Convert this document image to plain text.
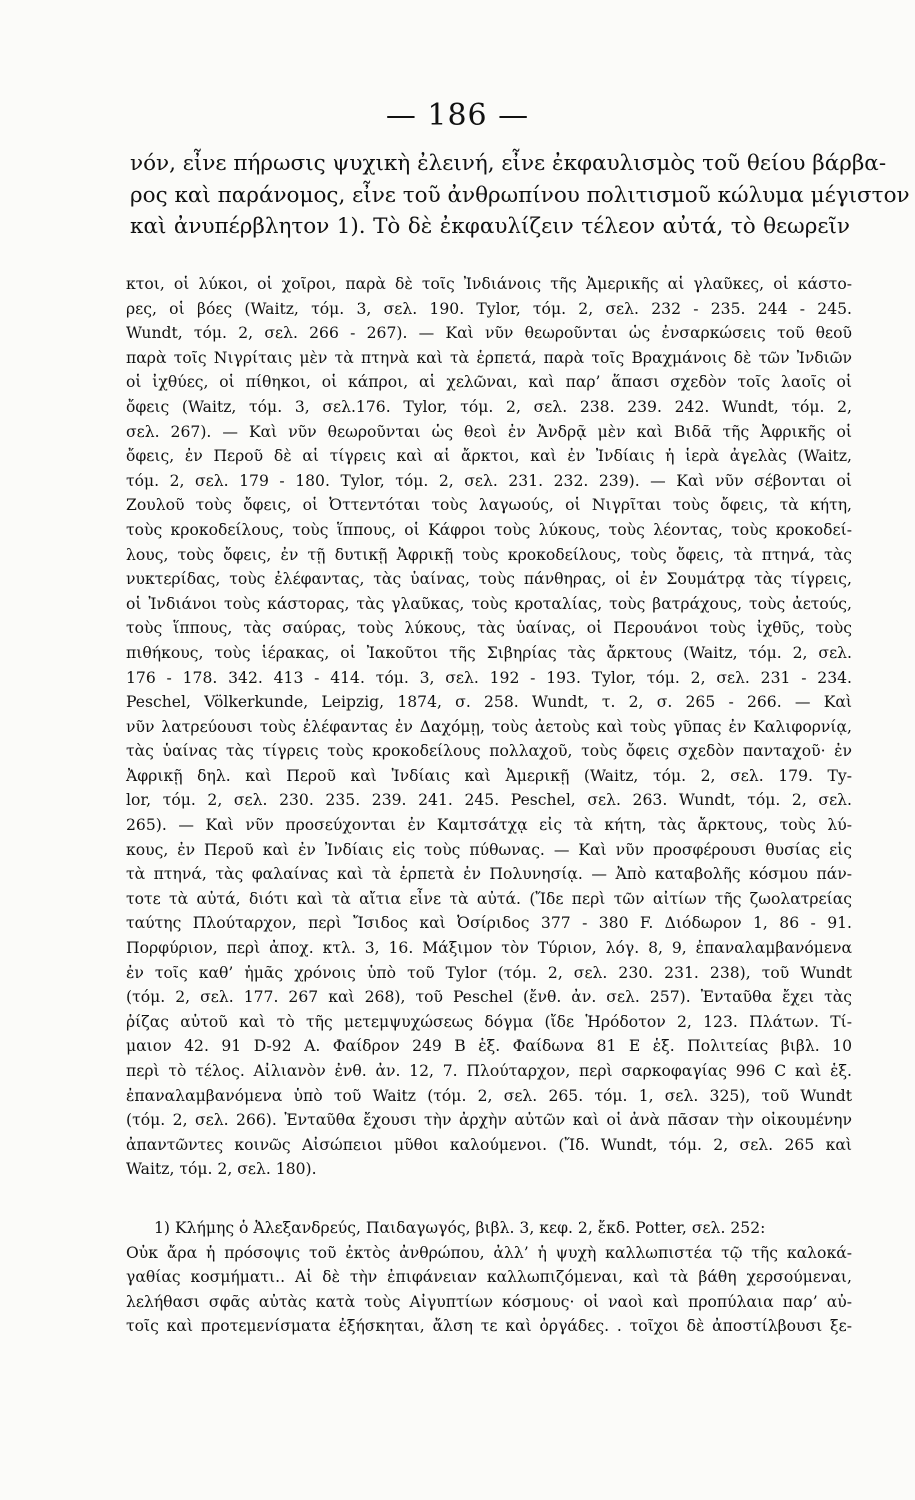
— 186 —
νόν, εἶνε πήρωσις ψυχικὴ ἐλεινή, εἶνε ἐκφαυλισμὸς τοῦ θείου βάρβα-
ρος καὶ παράνομος, εἶνε τοῦ ἀνθρωπίνου πολιτισμοῦ κώλυμα μέγιστον
καὶ ἀνυπέρβλητον 1). Τὸ δὲ ἐκφαυλίζειν τέλεον αὐτά, τὸ θεωρεῖν
κτοι, οἱ λύκοι, οἱ χοῖροι, παρὰ δὲ τοῖς Ἰνδιάνοις τῆς Ἀμερικῆς αἱ γλαῦκες, οἱ κάστο-
ρες, οἱ βόες (Waitz, τόμ. 3, σελ. 190. Tylor, τόμ. 2, σελ. 232 - 235. 244 - 245.
Wundt, τόμ. 2, σελ. 266 - 267). — Καὶ νῦν θεωροῦνται ὡς ἐνσαρκώσεις τοῦ θεοῦ
παρὰ τοῖς Νιγρίταις μὲν τὰ πτηνὰ καὶ τὰ ἑρπετά, παρὰ τοῖς Βραχμάνοις δὲ τῶν Ἰνδιῶν
οἱ ἰχθύες, οἱ πίθηκοι, οἱ κάπροι, αἱ χελῶναι, καὶ παρ’ ἅπασι σχεδὸν τοῖς λαοῖς οἱ
ὄφεις (Waitz, τόμ. 3, σελ.176. Tylor, τόμ. 2, σελ. 238. 239. 242. Wundt, τόμ. 2,
σελ. 267). — Καὶ νῦν θεωροῦνται ὡς θεοὶ ἐν Ἀνδρᾷ μὲν καὶ Βιδᾶ τῆς Ἀφρικῆς οἱ
ὄφεις, ἐν Περοῦ δὲ αἱ τίγρεις καὶ αἱ ἄρκτοι, καὶ ἐν Ἰνδίαις ἡ ἱερὰ ἀγελὰς (Waitz,
τόμ. 2, σελ. 179 - 180. Tylor, τόμ. 2, σελ. 231. 232. 239). — Καὶ νῦν σέβονται οἱ
Ζουλοῦ τοὺς ὄφεις, οἱ Ὀττεντόται τοὺς λαγωούς, οἱ Νιγρῖται τοὺς ὄφεις, τὰ κήτη,
τοὺς κροκοδείλους, τοὺς ἵππους, οἱ Κάφροι τοὺς λύκους, τοὺς λέοντας, τοὺς κροκοδεί-
λους, τοὺς ὄφεις, ἐν τῇ δυτικῇ Ἀφρικῇ τοὺς κροκοδείλους, τοὺς ὄφεις, τὰ πτηνά, τὰς
νυκτερίδας, τοὺς ἐλέφαντας, τὰς ὑαίνας, τοὺς πάνθηρας, οἱ ἐν Σουμάτρᾳ τὰς τίγρεις,
οἱ Ἰνδιάνοι τοὺς κάστορας, τὰς γλαῦκας, τοὺς κροταλίας, τοὺς βατράχους, τοὺς ἀετούς,
τοὺς ἵππους, τὰς σαύρας, τοὺς λύκους, τὰς ὑαίνας, οἱ Περουάνοι τοὺς ἰχθῦς, τοὺς
πιθήκους, τοὺς ἱέρακας, οἱ Ἰακοῦτοι τῆς Σιβηρίας τὰς ἄρκτους (Waitz, τόμ. 2, σελ.
176 - 178. 342. 413 - 414. τόμ. 3, σελ. 192 - 193. Tylor, τόμ. 2, σελ. 231 - 234.
Peschel, Völkerkunde, Leipzig, 1874, σ. 258. Wundt, τ. 2, σ. 265 - 266. — Καὶ
νῦν λατρεύουσι τοὺς ἐλέφαντας ἐν Δαχόμῃ, τοὺς ἀετοὺς καὶ τοὺς γῦπας ἐν Καλιφορνίᾳ,
τὰς ὑαίνας τὰς τίγρεις τοὺς κροκοδείλους πολλαχοῦ, τοὺς ὄφεις σχεδὸν πανταχοῦ· ἐν
Ἀφρικῇ δηλ. καὶ Περοῦ καὶ Ἰνδίαις καὶ Ἀμερικῇ (Waitz, τόμ. 2, σελ. 179. Ty-
lor, τόμ. 2, σελ. 230. 235. 239. 241. 245. Peschel, σελ. 263. Wundt, τόμ. 2, σελ.
265). — Καὶ νῦν προσεύχονται ἐν Καμτσάτχᾳ εἰς τὰ κήτη, τὰς ἄρκτους, τοὺς λύ-
κους, ἐν Περοῦ καὶ ἐν Ἰνδίαις εἰς τοὺς πύθωνας. — Καὶ νῦν προσφέρουσι θυσίας εἰς
τὰ πτηνά, τὰς φαλαίνας καὶ τὰ ἑρπετὰ ἐν Πολυνησίᾳ. — Ἀπὸ καταβολῆς κόσμου πάν-
τοτε τὰ αὐτά, διότι καὶ τὰ αἴτια εἶνε τὰ αὐτά. (Ἴδε περὶ τῶν αἰτίων τῆς ζωολατρείας
ταύτης Πλούταρχον, περὶ Ἴσιδος καὶ Ὀσίριδος 377 - 380 F. Διόδωρον 1, 86 - 91.
Πορφύριον, περὶ ἀποχ. κτλ. 3, 16. Μάξιμον τὸν Τύριον, λόγ. 8, 9, ἐπαναλαμβανόμενα
ἐν τοῖς καθ’ ἡμᾶς χρόνοις ὑπὸ τοῦ Tylor (τόμ. 2, σελ. 230. 231. 238), τοῦ Wundt
(τόμ. 2, σελ. 177. 267 καὶ 268), τοῦ Peschel (ἔνθ. ἀν. σελ. 257). Ἐνταῦθα ἔχει τὰς
ῥίζας αὐτοῦ καὶ τὸ τῆς μετεμψυχώσεως δόγμα (ἴδε Ἡρόδοτον 2, 123. Πλάτων. Τί-
μαιον 42. 91 D-92 A. Φαίδρον 249 B ἑξ. Φαίδωνα 81 E ἑξ. Πολιτείας βιβλ. 10
περὶ τὸ τέλος. Αἰλιανὸν ἐνθ. ἀν. 12, 7. Πλούταρχον, περὶ σαρκοφαγίας 996 C καὶ ἑξ.
ἐπαναλαμβανόμενα ὑπὸ τοῦ Waitz (τόμ. 2, σελ. 265. τόμ. 1, σελ. 325), τοῦ Wundt
(τόμ. 2, σελ. 266). Ἐνταῦθα ἔχουσι τὴν ἀρχὴν αὐτῶν καὶ οἱ ἀνὰ πᾶσαν τὴν οἰκουμένην
ἀπαντῶντες κοινῶς Αἰσώπειοι μῦθοι καλούμενοι. (Ἴδ. Wundt, τόμ. 2, σελ. 265 καὶ
Waitz, τόμ. 2, σελ. 180).
1) Κλήμης ὁ Ἀλεξανδρεύς, Παιδαγωγός, βιβλ. 3, κεφ. 2, ἔκδ. Potter, σελ. 252:
Οὐκ ἄρα ἡ πρόσοψις τοῦ ἐκτὸς ἀνθρώπου, ἀλλ’ ἡ ψυχὴ καλλωπιστέα τῷ τῆς καλοκά-
γαθίας κοσμήματι.. Αἱ δὲ τὴν ἐπιφάνειαν καλλωπιζόμεναι, καὶ τὰ βάθη χερσούμεναι,
λελήθασι σφᾶς αὐτὰς κατὰ τοὺς Αἰγυπτίων κόσμους· οἱ ναοὶ καὶ προπύλαια παρ’ αὐ-
τοῖς καὶ προτεμενίσματα ἐξήσκηται, ἄλση τε καὶ ὀργάδες. . τοῖχοι δὲ ἀποστίλβουσι ξε-
